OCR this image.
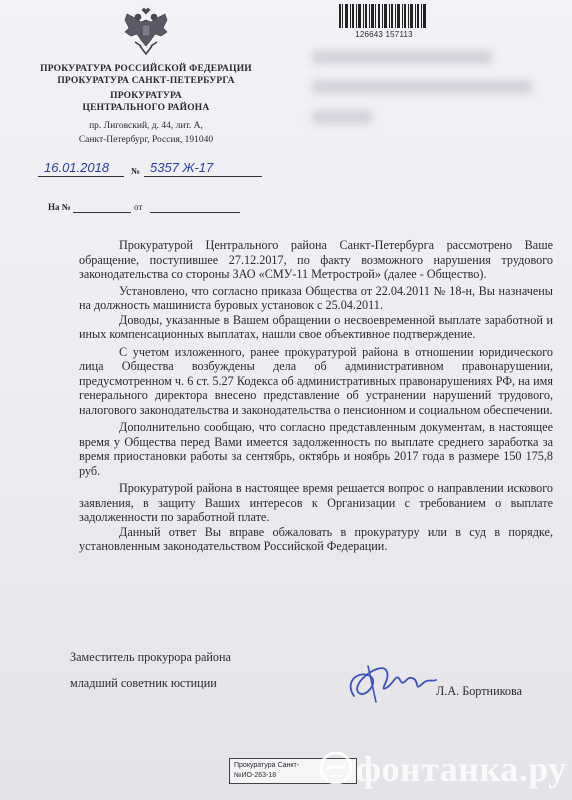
ПРОКУРАТУРА РОССИЙСКОЙ ФЕДЕРАЦИИ
ПРОКУРАТУРА САНКТ-ПЕТЕРБУРГА
ПРОКУРАТУРА
ЦЕНТРАЛЬНОГО РАЙОНА
пр. Лиговский, д. 44, лит. А,
Санкт-Петербург, Россия, 191040
126643 157113
16.01.2018 № 5357 Ж-17
На №	от

Прокуратурой Центрального района Санкт-Петербурга рассмотрено Ваше обращение, поступившее 27.12.2017, по факту возможного нарушения трудового законодательства со стороны ЗАО «СМУ-11 Метрострой» (далее - Общество).

Установлено, что согласно приказа Общества от 22.04.2011 № 18-н, Вы назначены на должность машиниста буровых установок с 25.04.2011.

Доводы, указанные в Вашем обращении о несвоевременной выплате заработной и иных компенсационных выплатах, нашли свое объективное подтверждение.

С учетом изложенного, ранее прокуратурой района в отношении юридического лица Общества возбуждены дела об административном правонарушении, предусмотренном ч. 6 ст. 5.27 Кодекса об административных правонарушениях РФ, на имя генерального директора внесено представление об устранении нарушений трудового, налогового законодательства и законодательства о пенсионном и социальном обеспечении.

Дополнительно сообщаю, что согласно представленным документам, в настоящее время у Общества перед Вами имеется задолженность по выплате среднего заработка за время приостановки работы за сентябрь, октябрь и ноябрь 2017 года в размере 150 175,8 руб.

Прокуратурой района в настоящее время решается вопрос о направлении искового заявления, в защиту Ваших интересов к Организации с требованием о выплате задолженности по заработной плате.

Данный ответ Вы вправе обжаловать в прокуратуру или в суд в порядке, установленным законодательством Российской Федерации.

Заместитель прокурора района
младший советник юстиции
Л.А. Бортникова
Прокуратура Санкт-
№ИО-263-18	фонтанка.ру
